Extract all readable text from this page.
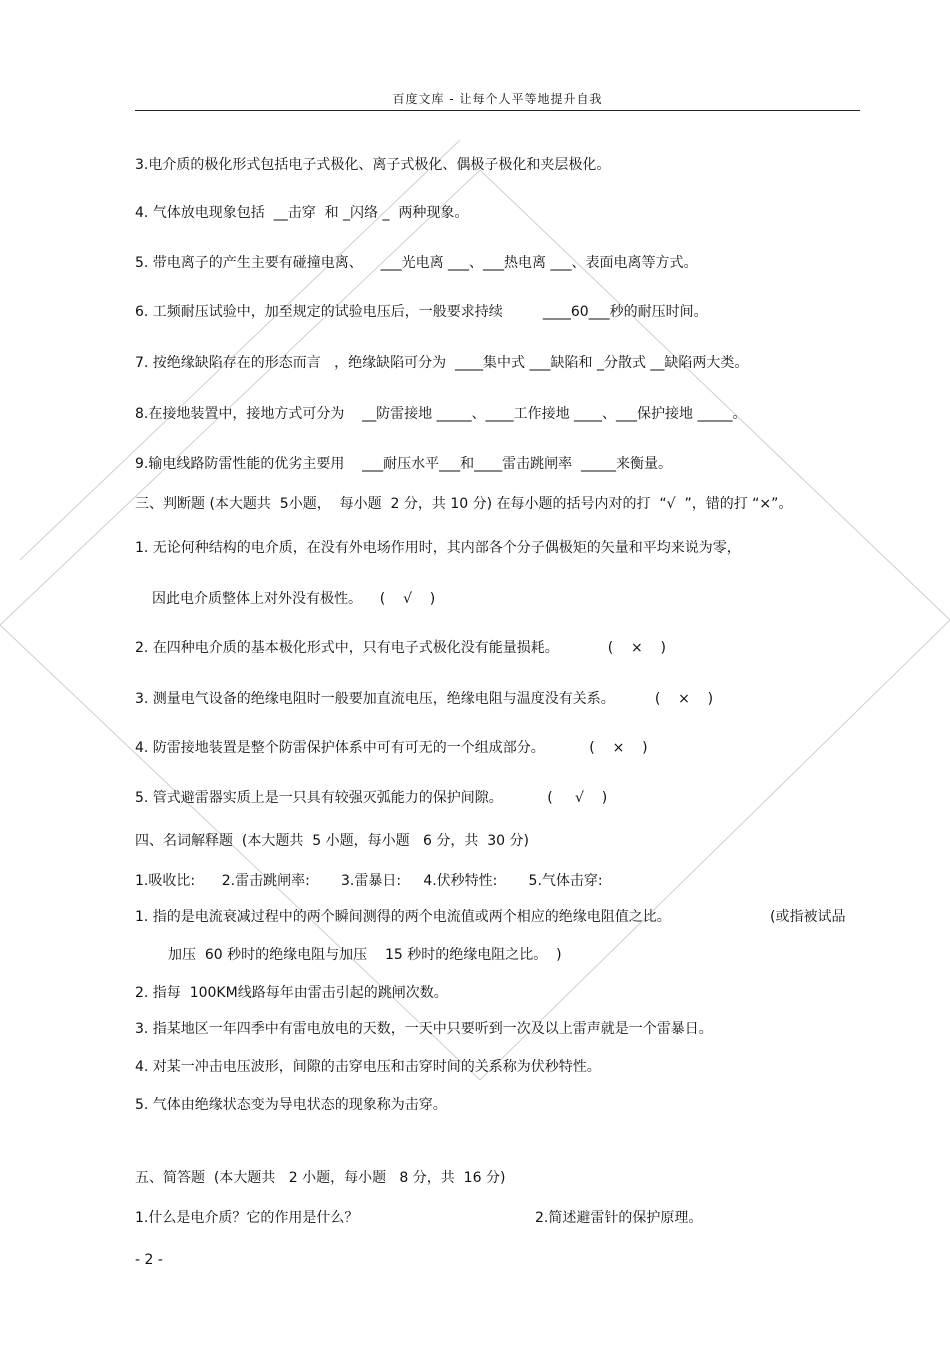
百度文库 - 让每个人平等地提升自我
3.电介质的极化形式包括电子式极化、离子式极化、偶极子极化和夹层极化。
4. 气体放电现象包括  __击穿  和 _闪络 _  两种现象。
5. 带电离子的产生主要有碰撞电离、    ___光电离 ___、___热电离 ___、表面电离等方式。
6. 工频耐压试验中，加至规定的试验电压后，一般要求持续         ____60___秒的耐压时间。
7. 按绝缘缺陷存在的形态而言   ，绝缘缺陷可分为  ____集中式 ___缺陷和 _分散式 __缺陷两大类。
8.在接地装置中，接地方式可分为    __防雷接地 _____、____工作接地 ____、___保护接地 _____。
9.输电线路防雷性能的优劣主要用    ___耐压水平___和____雷击跳闸率  _____来衡量。
三、判断题 (本大题共  5小题，  每小题  2 分，共 10 分) 在每小题的括号内对的打  “√  ”，错的打 “×”。
1. 无论何种结构的电介质，在没有外电场作用时，其内部各个分子偶极矩的矢量和平均来说为零，
因此电介质整体上对外没有极性。    (    √    )
2. 在四种电介质的基本极化形式中，只有电子式极化没有能量损耗。           (    ×    )
3. 测量电气设备的绝缘电阻时一般要加直流电压，绝缘电阻与温度没有关系。         (    ×    )
4. 防雷接地装置是整个防雷保护体系中可有可无的一个组成部分。          (    ×    )
5. 管式避雷器实质上是一只具有较强灭弧能力的保护间隙。          (     √    )
四、名词解释题  (本大题共  5 小题，每小题   6 分，共  30 分)
1.吸收比:      2.雷击跳闸率:       3.雷暴日:     4.伏秒特性:       5.气体击穿:
1. 指的是电流衰减过程中的两个瞬间测得的两个电流值或两个相应的绝缘电阻值之比。	(或指被试品
加压  60 秒时的绝缘电阻与加压    15 秒时的绝缘电阻之比。  )
2. 指每  100KM线路每年由雷击引起的跳闸次数。
3. 指某地区一年四季中有雷电放电的天数，一天中只要听到一次及以上雷声就是一个雷暴日。
4. 对某一冲击电压波形，间隙的击穿电压和击穿时间的关系称为伏秒特性。
5. 气体由绝缘状态变为导电状态的现象称为击穿。
五、简答题  (本大题共   2 小题，每小题   8 分，共  16 分)
1.什么是电介质？它的作用是什么？	2.简述避雷针的保护原理。
- 2 -
